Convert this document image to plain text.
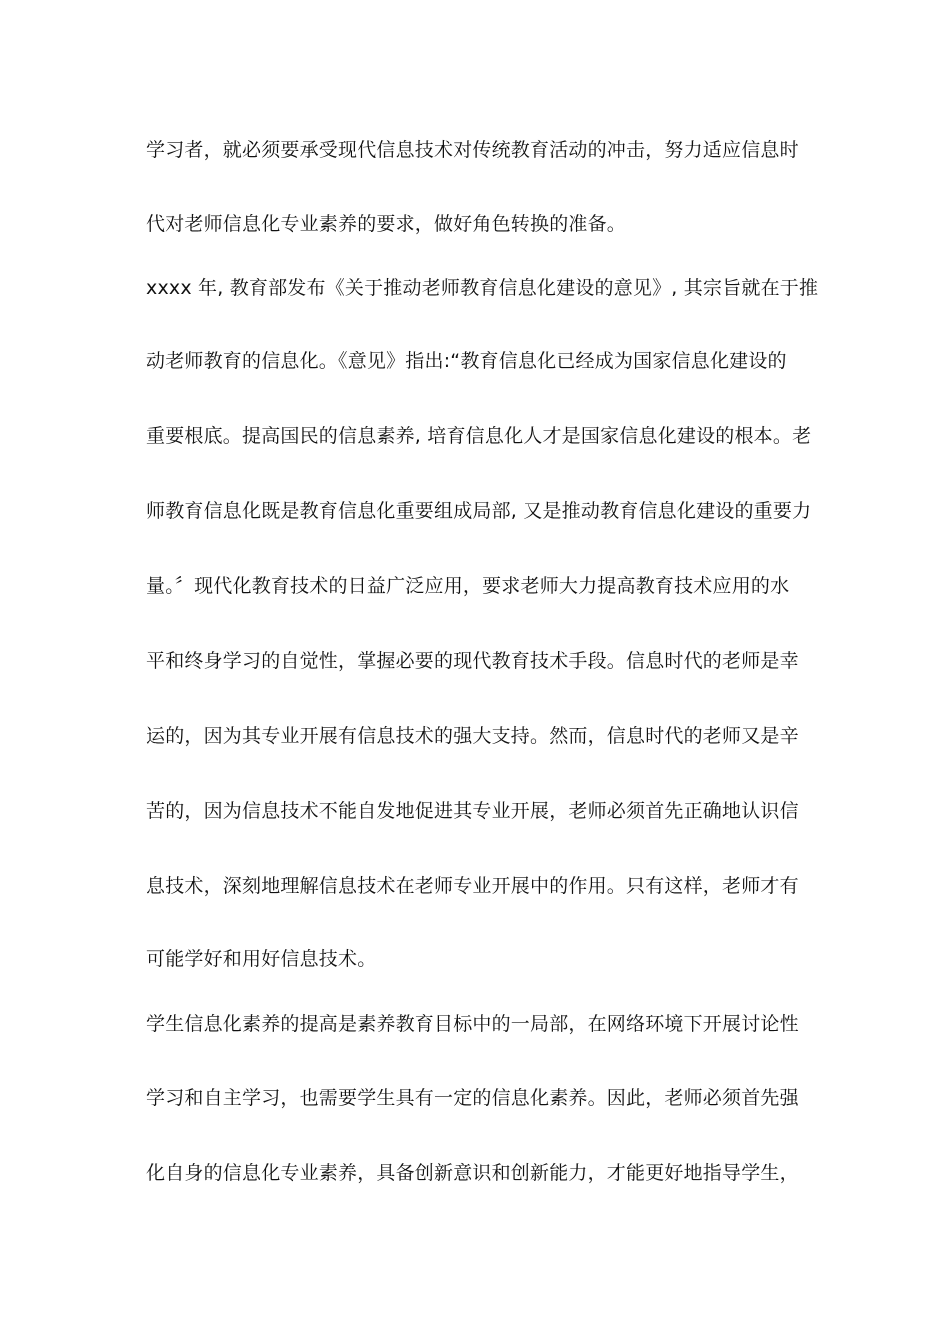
学习者，就必须要承受现代信息技术对传统教育活动的冲击，努力适应信息时
代对老师信息化专业素养的要求，做好角色转换的准备。
xxxx 年, 教育部发布《关于推动老师教育信息化建设的意见》, 其宗旨就在于推
动老师教育的信息化。《意见》指出:“教育信息化已经成为国家信息化建设的
重要根底。提高国民的信息素养, 培育信息化人才是国家信息化建设的根本。老
师教育信息化既是教育信息化重要组成局部, 又是推动教育信息化建设的重要力
量。〞现代化教育技术的日益广泛应用，要求老师大力提高教育技术应用的水
平和终身学习的自觉性，掌握必要的现代教育技术手段。信息时代的老师是幸
运的，因为其专业开展有信息技术的强大支持。然而，信息时代的老师又是辛
苦的，因为信息技术不能自发地促进其专业开展，老师必须首先正确地认识信
息技术，深刻地理解信息技术在老师专业开展中的作用。只有这样，老师才有
可能学好和用好信息技术。
学生信息化素养的提高是素养教育目标中的一局部，在网络环境下开展讨论性
学习和自主学习，也需要学生具有一定的信息化素养。因此，老师必须首先强
化自身的信息化专业素养，具备创新意识和创新能力，才能更好地指导学生，
